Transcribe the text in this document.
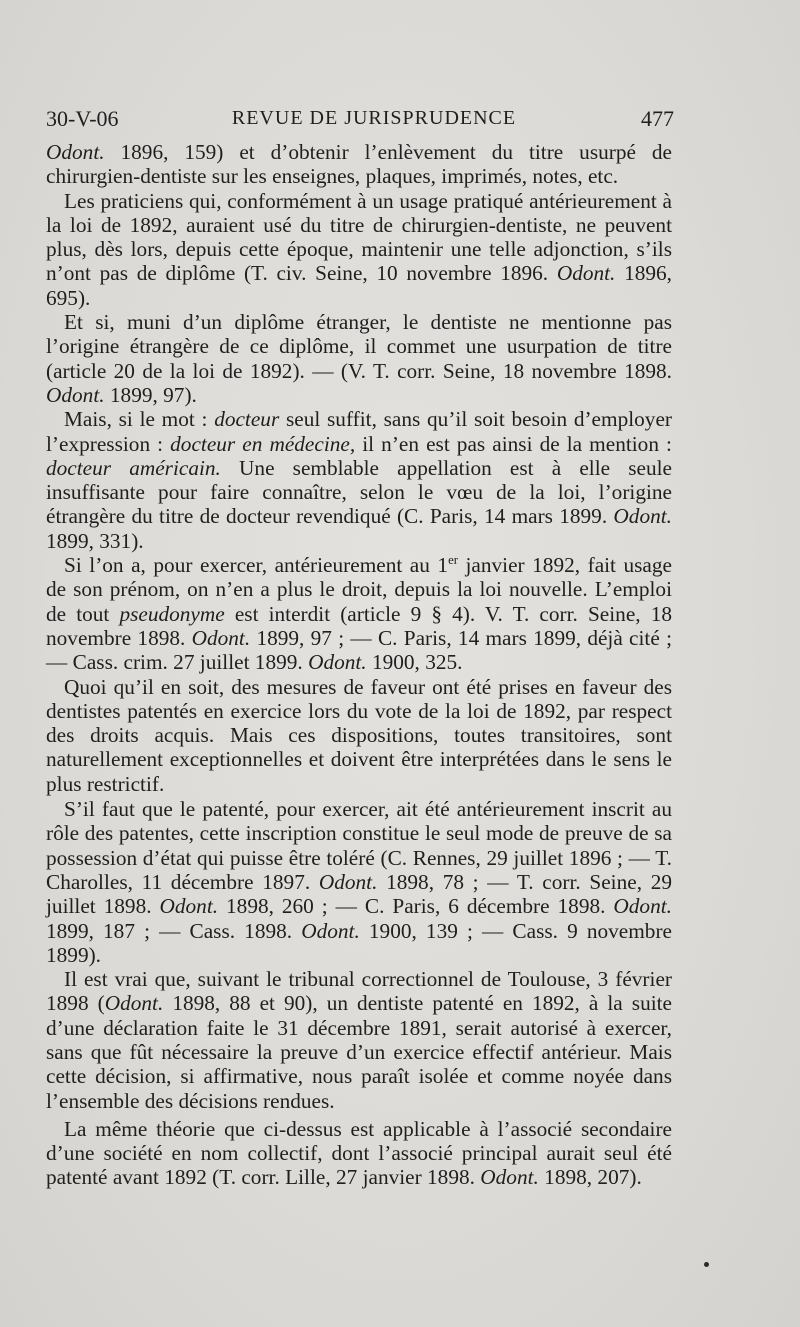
30-V-06	REVUE DE JURISPRUDENCE	477

Odont. 1896, 159) et d’obtenir l’enlèvement du titre usurpé de chirurgien-dentiste sur les enseignes, plaques, imprimés, notes, etc.

Les praticiens qui, conformément à un usage pratiqué antérieurement à la loi de 1892, auraient usé du titre de chirurgien-dentiste, ne peuvent plus, dès lors, depuis cette époque, maintenir une telle adjonction, s’ils n’ont pas de diplôme (T. civ. Seine, 10 novembre 1896. Odont. 1896, 695).

Et si, muni d’un diplôme étranger, le dentiste ne mentionne pas l’origine étrangère de ce diplôme, il commet une usurpation de titre (article 20 de la loi de 1892). — (V. T. corr. Seine, 18 novembre 1898. Odont. 1899, 97).

Mais, si le mot : docteur seul suffit, sans qu’il soit besoin d’employer l’expression : docteur en médecine, il n’en est pas ainsi de la mention : docteur américain. Une semblable appellation est à elle seule insuffisante pour faire connaître, selon le vœu de la loi, l’origine étrangère du titre de docteur revendiqué (C. Paris, 14 mars 1899. Odont. 1899, 331).

Si l’on a, pour exercer, antérieurement au 1er janvier 1892, fait usage de son prénom, on n’en a plus le droit, depuis la loi nouvelle. L’emploi de tout pseudonyme est interdit (article 9 § 4). V. T. corr. Seine, 18 novembre 1898. Odont. 1899, 97 ; — C. Paris, 14 mars 1899, déjà cité ; — Cass. crim. 27 juillet 1899. Odont. 1900, 325.

Quoi qu’il en soit, des mesures de faveur ont été prises en faveur des dentistes patentés en exercice lors du vote de la loi de 1892, par respect des droits acquis. Mais ces dispositions, toutes transitoires, sont naturellement exceptionnelles et doivent être interprétées dans le sens le plus restrictif.

S’il faut que le patenté, pour exercer, ait été antérieurement inscrit au rôle des patentes, cette inscription constitue le seul mode de preuve de sa possession d’état qui puisse être toléré (C. Rennes, 29 juillet 1896 ; — T. Charolles, 11 décembre 1897. Odont. 1898, 78 ; — T. corr. Seine, 29 juillet 1898. Odont. 1898, 260 ; — C. Paris, 6 décembre 1898. Odont. 1899, 187 ; — Cass. 1898. Odont. 1900, 139 ; — Cass. 9 novembre 1899).

Il est vrai que, suivant le tribunal correctionnel de Toulouse, 3 février 1898 (Odont. 1898, 88 et 90), un dentiste patenté en 1892, à la suite d’une déclaration faite le 31 décembre 1891, serait autorisé à exercer, sans que fût nécessaire la preuve d’un exercice effectif antérieur. Mais cette décision, si affirmative, nous paraît isolée et comme noyée dans l’ensemble des décisions rendues.

La même théorie que ci-dessus est applicable à l’associé secondaire d’une société en nom collectif, dont l’associé principal aurait seul été patenté avant 1892 (T. corr. Lille, 27 janvier 1898. Odont. 1898, 207).
